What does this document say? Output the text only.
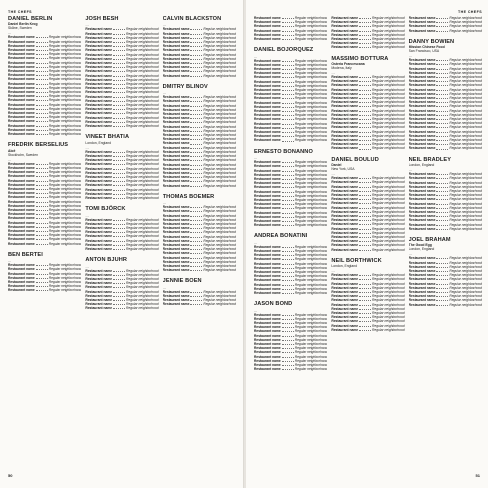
THE CHEFS
DANIEL BERLIN
Daniel Berlin Krog
Skåne, Sweden
…
Restaurant name	Regular neighborhood
Restaurant name	Regular neighborhood
Restaurant name	Regular neighborhood
Restaurant name	Regular neighborhood
Restaurant name	Regular neighborhood
Restaurant name	Regular neighborhood
Restaurant name	Regular neighborhood
Restaurant name	Regular neighborhood
Restaurant name	Regular neighborhood
Restaurant name	Regular neighborhood
Restaurant name	Regular neighborhood
Restaurant name	Regular neighborhood
Restaurant name	Regular neighborhood
Restaurant name	Regular neighborhood
Restaurant name	Regular neighborhood
Restaurant name	Regular neighborhood
Restaurant name	Regular neighborhood
Restaurant name	Regular neighborhood
Restaurant name	Regular neighborhood
Restaurant name	Regular neighborhood
Restaurant name	Regular neighborhood
Restaurant name	Regular neighborhood
Restaurant name	Regular neighborhood
Restaurant name	Regular neighborhood
FREDRIK BERSELIUS
Aloë
Stockholm, Sweden
…
Restaurant name	Regular neighborhood
Restaurant name	Regular neighborhood
Restaurant name	Regular neighborhood
Restaurant name	Regular neighborhood
Restaurant name	Regular neighborhood
Restaurant name	Regular neighborhood
Restaurant name	Regular neighborhood
Restaurant name	Regular neighborhood
Restaurant name	Regular neighborhood
Restaurant name	Regular neighborhood
Restaurant name	Regular neighborhood
Restaurant name	Regular neighborhood
Restaurant name	Regular neighborhood
Restaurant name	Regular neighborhood
Restaurant name	Regular neighborhood
Restaurant name	Regular neighborhood
Restaurant name	Regular neighborhood
Restaurant name	Regular neighborhood
Restaurant name	Regular neighborhood
Restaurant name	Regular neighborhood
BEN BERTEI
…
Restaurant name	Regular neighborhood
Restaurant name	Regular neighborhood
Restaurant name	Regular neighborhood
Restaurant name	Regular neighborhood
Restaurant name	Regular neighborhood
Restaurant name	Regular neighborhood
Restaurant name	Regular neighborhood
JOSH BESH
…
Restaurant name	Regular neighborhood
Restaurant name	Regular neighborhood
Restaurant name	Regular neighborhood
Restaurant name	Regular neighborhood
Restaurant name	Regular neighborhood
Restaurant name	Regular neighborhood
Restaurant name	Regular neighborhood
Restaurant name	Regular neighborhood
Restaurant name	Regular neighborhood
Restaurant name	Regular neighborhood
Restaurant name	Regular neighborhood
Restaurant name	Regular neighborhood
Restaurant name	Regular neighborhood
Restaurant name	Regular neighborhood
Restaurant name	Regular neighborhood
Restaurant name	Regular neighborhood
Restaurant name	Regular neighborhood
Restaurant name	Regular neighborhood
Restaurant name	Regular neighborhood
Restaurant name	Regular neighborhood
Restaurant name	Regular neighborhood
Restaurant name	Regular neighborhood
Restaurant name	Regular neighborhood
Restaurant name	Regular neighborhood
VINEET BHATIA
London, England
…
Restaurant name	Regular neighborhood
Restaurant name	Regular neighborhood
Restaurant name	Regular neighborhood
Restaurant name	Regular neighborhood
Restaurant name	Regular neighborhood
Restaurant name	Regular neighborhood
Restaurant name	Regular neighborhood
Restaurant name	Regular neighborhood
Restaurant name	Regular neighborhood
Restaurant name	Regular neighborhood
Restaurant name	Regular neighborhood
Restaurant name	Regular neighborhood
TOMI BJÖRCK
…
Restaurant name	Regular neighborhood
Restaurant name	Regular neighborhood
Restaurant name	Regular neighborhood
Restaurant name	Regular neighborhood
Restaurant name	Regular neighborhood
Restaurant name	Regular neighborhood
Restaurant name	Regular neighborhood
Restaurant name	Regular neighborhood
ANTON BJUHR
…
Restaurant name	Regular neighborhood
Restaurant name	Regular neighborhood
Restaurant name	Regular neighborhood
Restaurant name	Regular neighborhood
Restaurant name	Regular neighborhood
Restaurant name	Regular neighborhood
Restaurant name	Regular neighborhood
Restaurant name	Regular neighborhood
Restaurant name	Regular neighborhood
Restaurant name	Regular neighborhood
CALVIN BLACKSTON
…
Restaurant name	Regular neighborhood
Restaurant name	Regular neighborhood
Restaurant name	Regular neighborhood
Restaurant name	Regular neighborhood
Restaurant name	Regular neighborhood
Restaurant name	Regular neighborhood
Restaurant name	Regular neighborhood
Restaurant name	Regular neighborhood
Restaurant name	Regular neighborhood
Restaurant name	Regular neighborhood
Restaurant name	Regular neighborhood
Restaurant name	Regular neighborhood
DMITRY BLINOV
…
Restaurant name	Regular neighborhood
Restaurant name	Regular neighborhood
Restaurant name	Regular neighborhood
Restaurant name	Regular neighborhood
Restaurant name	Regular neighborhood
Restaurant name	Regular neighborhood
Restaurant name	Regular neighborhood
Restaurant name	Regular neighborhood
Restaurant name	Regular neighborhood
Restaurant name	Regular neighborhood
Restaurant name	Regular neighborhood
Restaurant name	Regular neighborhood
Restaurant name	Regular neighborhood
Restaurant name	Regular neighborhood
Restaurant name	Regular neighborhood
Restaurant name	Regular neighborhood
Restaurant name	Regular neighborhood
Restaurant name	Regular neighborhood
Restaurant name	Regular neighborhood
Restaurant name	Regular neighborhood
Restaurant name	Regular neighborhood
Restaurant name	Regular neighborhood
THOMAS BOEMER
…
Restaurant name	Regular neighborhood
Restaurant name	Regular neighborhood
Restaurant name	Regular neighborhood
Restaurant name	Regular neighborhood
Restaurant name	Regular neighborhood
Restaurant name	Regular neighborhood
Restaurant name	Regular neighborhood
Restaurant name	Regular neighborhood
Restaurant name	Regular neighborhood
Restaurant name	Regular neighborhood
Restaurant name	Regular neighborhood
Restaurant name	Regular neighborhood
Restaurant name	Regular neighborhood
Restaurant name	Regular neighborhood
Restaurant name	Regular neighborhood
Restaurant name	Regular neighborhood
JENNIE BOEN
…
Restaurant name	Regular neighborhood
Restaurant name	Regular neighborhood
Restaurant name	Regular neighborhood
Restaurant name	Regular neighborhood
50
THE CHEFS
Restaurant name	Regular neighborhood
Restaurant name	Regular neighborhood
Restaurant name	Regular neighborhood
Restaurant name	Regular neighborhood
Restaurant name	Regular neighborhood
Restaurant name	Regular neighborhood
DANIEL BOJORQUEZ
…
Restaurant name	Regular neighborhood
Restaurant name	Regular neighborhood
Restaurant name	Regular neighborhood
Restaurant name	Regular neighborhood
Restaurant name	Regular neighborhood
Restaurant name	Regular neighborhood
Restaurant name	Regular neighborhood
Restaurant name	Regular neighborhood
Restaurant name	Regular neighborhood
Restaurant name	Regular neighborhood
Restaurant name	Regular neighborhood
Restaurant name	Regular neighborhood
Restaurant name	Regular neighborhood
Restaurant name	Regular neighborhood
Restaurant name	Regular neighborhood
Restaurant name	Regular neighborhood
Restaurant name	Regular neighborhood
Restaurant name	Regular neighborhood
Restaurant name	Regular neighborhood
Restaurant name	Regular neighborhood
ERNESTO BONANNO
…
Restaurant name	Regular neighborhood
Restaurant name	Regular neighborhood
Restaurant name	Regular neighborhood
Restaurant name	Regular neighborhood
Restaurant name	Regular neighborhood
Restaurant name	Regular neighborhood
Restaurant name	Regular neighborhood
Restaurant name	Regular neighborhood
Restaurant name	Regular neighborhood
Restaurant name	Regular neighborhood
Restaurant name	Regular neighborhood
Restaurant name	Regular neighborhood
Restaurant name	Regular neighborhood
Restaurant name	Regular neighborhood
Restaurant name	Regular neighborhood
Restaurant name	Regular neighborhood
ANDREA BONATINI
…
Restaurant name	Regular neighborhood
Restaurant name	Regular neighborhood
Restaurant name	Regular neighborhood
Restaurant name	Regular neighborhood
Restaurant name	Regular neighborhood
Restaurant name	Regular neighborhood
Restaurant name	Regular neighborhood
Restaurant name	Regular neighborhood
Restaurant name	Regular neighborhood
Restaurant name	Regular neighborhood
Restaurant name	Regular neighborhood
Restaurant name	Regular neighborhood
JASON BOND
…
Restaurant name	Regular neighborhood
Restaurant name	Regular neighborhood
Restaurant name	Regular neighborhood
Restaurant name	Regular neighborhood
Restaurant name	Regular neighborhood
Restaurant name	Regular neighborhood
Restaurant name	Regular neighborhood
Restaurant name	Regular neighborhood
Restaurant name	Regular neighborhood
Restaurant name	Regular neighborhood
Restaurant name	Regular neighborhood
Restaurant name	Regular neighborhood
Restaurant name	Regular neighborhood
Restaurant name	Regular neighborhood
Restaurant name	Regular neighborhood
Restaurant name	Regular neighborhood
Restaurant name	Regular neighborhood
Restaurant name	Regular neighborhood
Restaurant name	Regular neighborhood
Restaurant name	Regular neighborhood
Restaurant name	Regular neighborhood
Restaurant name	Regular neighborhood
MASSIMO BOTTURA
Osteria Francescana
Modena, Italy
…
Restaurant name	Regular neighborhood
Restaurant name	Regular neighborhood
Restaurant name	Regular neighborhood
Restaurant name	Regular neighborhood
Restaurant name	Regular neighborhood
Restaurant name	Regular neighborhood
Restaurant name	Regular neighborhood
Restaurant name	Regular neighborhood
Restaurant name	Regular neighborhood
Restaurant name	Regular neighborhood
Restaurant name	Regular neighborhood
Restaurant name	Regular neighborhood
Restaurant name	Regular neighborhood
Restaurant name	Regular neighborhood
Restaurant name	Regular neighborhood
Restaurant name	Regular neighborhood
Restaurant name	Regular neighborhood
Restaurant name	Regular neighborhood
DANIEL BOULUD
Daniel
New York, USA
…
Restaurant name	Regular neighborhood
Restaurant name	Regular neighborhood
Restaurant name	Regular neighborhood
Restaurant name	Regular neighborhood
Restaurant name	Regular neighborhood
Restaurant name	Regular neighborhood
Restaurant name	Regular neighborhood
Restaurant name	Regular neighborhood
Restaurant name	Regular neighborhood
Restaurant name	Regular neighborhood
Restaurant name	Regular neighborhood
Restaurant name	Regular neighborhood
Restaurant name	Regular neighborhood
Restaurant name	Regular neighborhood
Restaurant name	Regular neighborhood
Restaurant name	Regular neighborhood
Restaurant name	Regular neighborhood
Restaurant name	Regular neighborhood
NEIL BORTHWICK
London, England
…
Restaurant name	Regular neighborhood
Restaurant name	Regular neighborhood
Restaurant name	Regular neighborhood
Restaurant name	Regular neighborhood
Restaurant name	Regular neighborhood
Restaurant name	Regular neighborhood
Restaurant name	Regular neighborhood
Restaurant name	Regular neighborhood
Restaurant name	Regular neighborhood
Restaurant name	Regular neighborhood
Restaurant name	Regular neighborhood
Restaurant name	Regular neighborhood
Restaurant name	Regular neighborhood
Restaurant name	Regular neighborhood
Restaurant name	Regular neighborhood
Restaurant name	Regular neighborhood
Restaurant name	Regular neighborhood
Restaurant name	Regular neighborhood
DANNY BOWIEN
Mission Chinese Food
San Francisco, USA
…
Restaurant name	Regular neighborhood
Restaurant name	Regular neighborhood
Restaurant name	Regular neighborhood
Restaurant name	Regular neighborhood
Restaurant name	Regular neighborhood
Restaurant name	Regular neighborhood
Restaurant name	Regular neighborhood
Restaurant name	Regular neighborhood
Restaurant name	Regular neighborhood
Restaurant name	Regular neighborhood
Restaurant name	Regular neighborhood
Restaurant name	Regular neighborhood
Restaurant name	Regular neighborhood
Restaurant name	Regular neighborhood
Restaurant name	Regular neighborhood
Restaurant name	Regular neighborhood
Restaurant name	Regular neighborhood
Restaurant name	Regular neighborhood
Restaurant name	Regular neighborhood
Restaurant name	Regular neighborhood
Restaurant name	Regular neighborhood
Restaurant name	Regular neighborhood
NEIL BRADLEY
London, England
…
Restaurant name	Regular neighborhood
Restaurant name	Regular neighborhood
Restaurant name	Regular neighborhood
Restaurant name	Regular neighborhood
Restaurant name	Regular neighborhood
Restaurant name	Regular neighborhood
Restaurant name	Regular neighborhood
Restaurant name	Regular neighborhood
Restaurant name	Regular neighborhood
Restaurant name	Regular neighborhood
Restaurant name	Regular neighborhood
Restaurant name	Regular neighborhood
Restaurant name	Regular neighborhood
Restaurant name	Regular neighborhood
JOEL BRAHAM
The Good Egg
London, England
…
Restaurant name	Regular neighborhood
Restaurant name	Regular neighborhood
Restaurant name	Regular neighborhood
Restaurant name	Regular neighborhood
Restaurant name	Regular neighborhood
Restaurant name	Regular neighborhood
Restaurant name	Regular neighborhood
Restaurant name	Regular neighborhood
Restaurant name	Regular neighborhood
Restaurant name	Regular neighborhood
Restaurant name	Regular neighborhood
Restaurant name	Regular neighborhood
51
